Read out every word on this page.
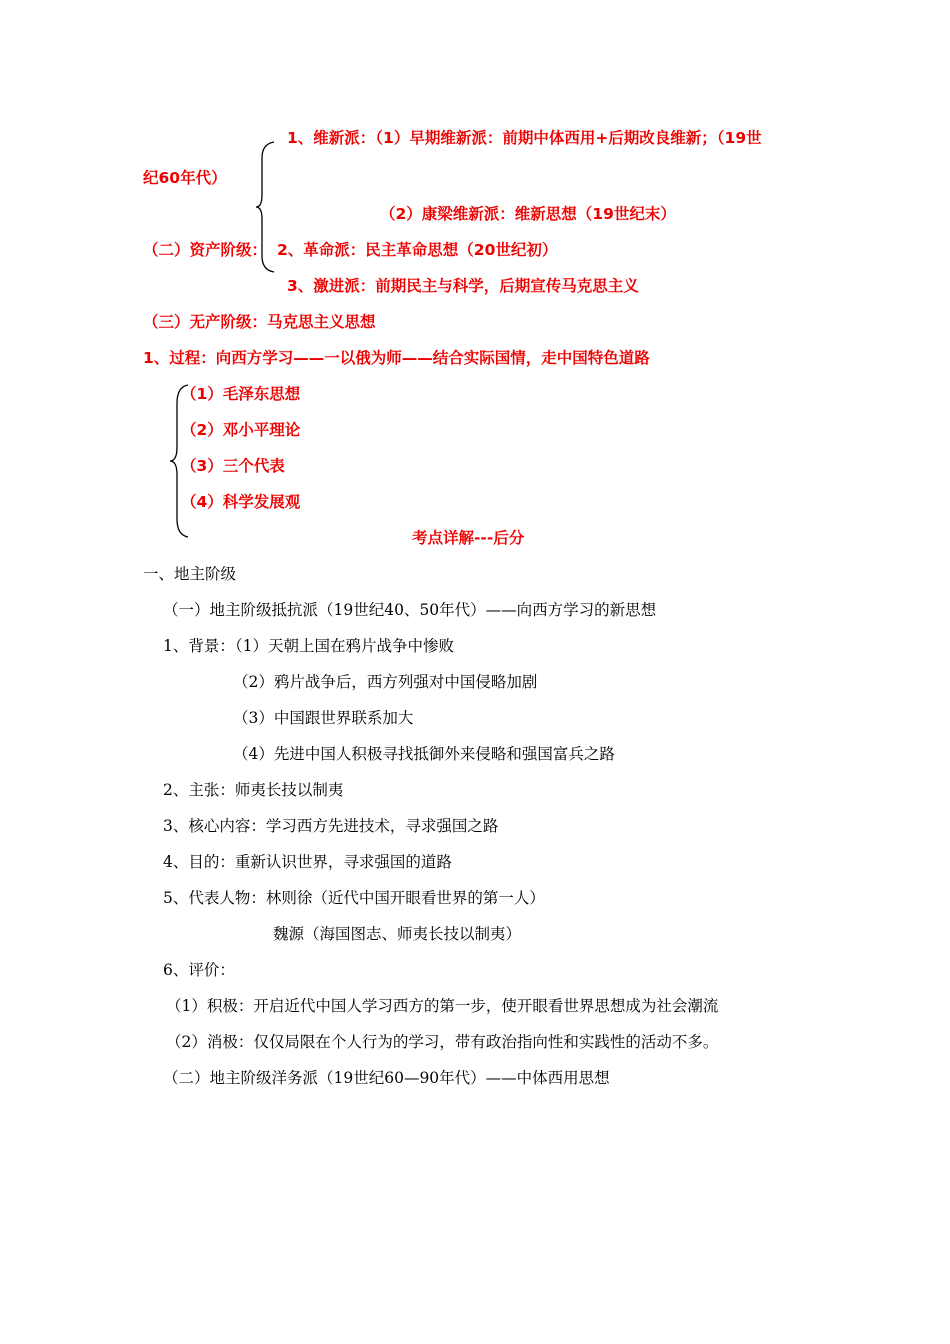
1、维新派：（1）早期维新派：前期中体西用+后期改良维新；（19世
纪60年代）
（2）康梁维新派：维新思想（19世纪末）
（二）资产阶级： 2、革命派：民主革命思想（20世纪初）
3、激进派：前期民主与科学，后期宣传马克思主义
（三）无产阶级：马克思主义思想
1、过程：向西方学习——一以俄为师——结合实际国情，走中国特色道路
（1）毛泽东思想
（2）邓小平理论
（3）三个代表
（4）科学发展观
考点详解---后分
一、地主阶级
（一）地主阶级抵抗派（19世纪40、50年代）——向西方学习的新思想
1、背景：（1）天朝上国在鸦片战争中惨败
（2）鸦片战争后，西方列强对中国侵略加剧
（3）中国跟世界联系加大
（4）先进中国人积极寻找抵御外来侵略和强国富兵之路
2、主张：师夷长技以制夷
3、核心内容：学习西方先进技术，寻求强国之路
4、目的：重新认识世界，寻求强国的道路
5、代表人物：林则徐（近代中国开眼看世界的第一人）
魏源（海国图志、师夷长技以制夷）
6、评价：
（1）积极：开启近代中国人学习西方的第一步，使开眼看世界思想成为社会潮流
（2）消极：仅仅局限在个人行为的学习，带有政治指向性和实践性的活动不多。
（二）地主阶级洋务派（19世纪60—90年代）——中体西用思想
